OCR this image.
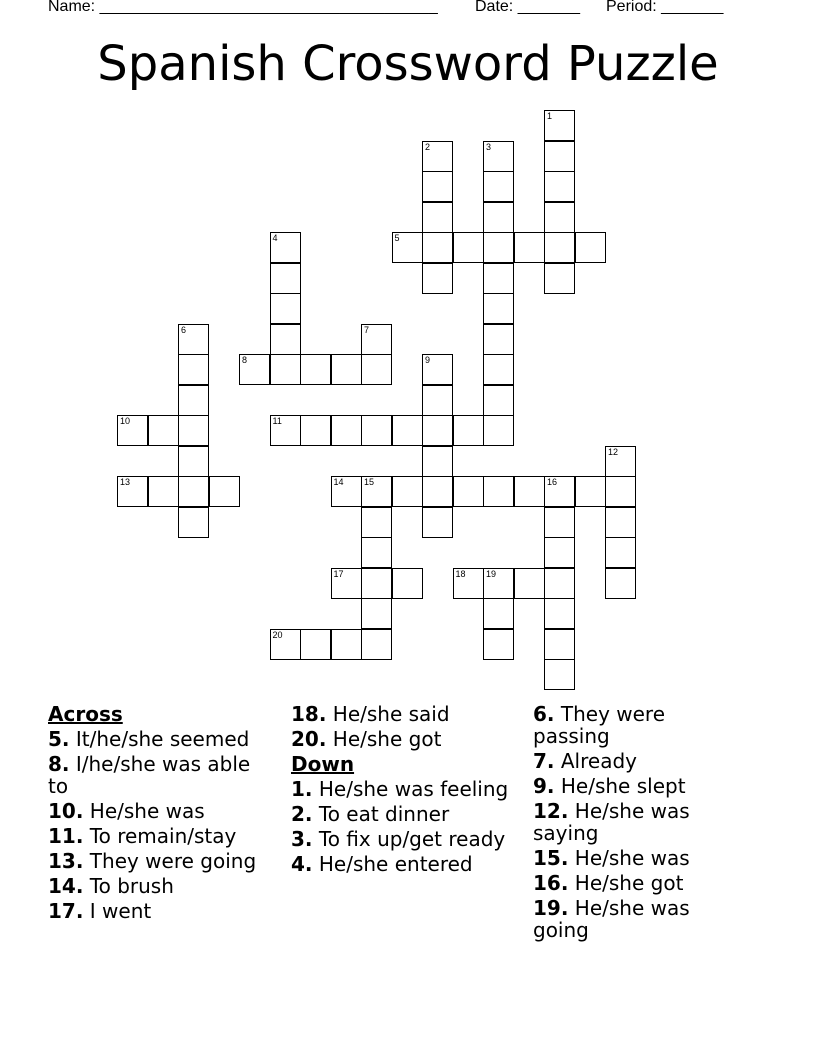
Name: ______________________________________ Date: _______ Period: _______
Spanish Crossword Puzzle
1
2	3
4	5
6	7
8	9
10	11
12
13	14 15	16
17	18 19
20
Across
5. It/he/she seemed
8. I/he/she was able to
10. He/she was
11. To remain/stay
13. They were going
14. To brush
17. I went
18. He/she said
20. He/she got
Down
1. He/she was feeling
2. To eat dinner
3. To fix up/get ready
4. He/she entered
6. They were passing
7. Already
9. He/she slept
12. He/she was saying
15. He/she was
16. He/she got
19. He/she was going
